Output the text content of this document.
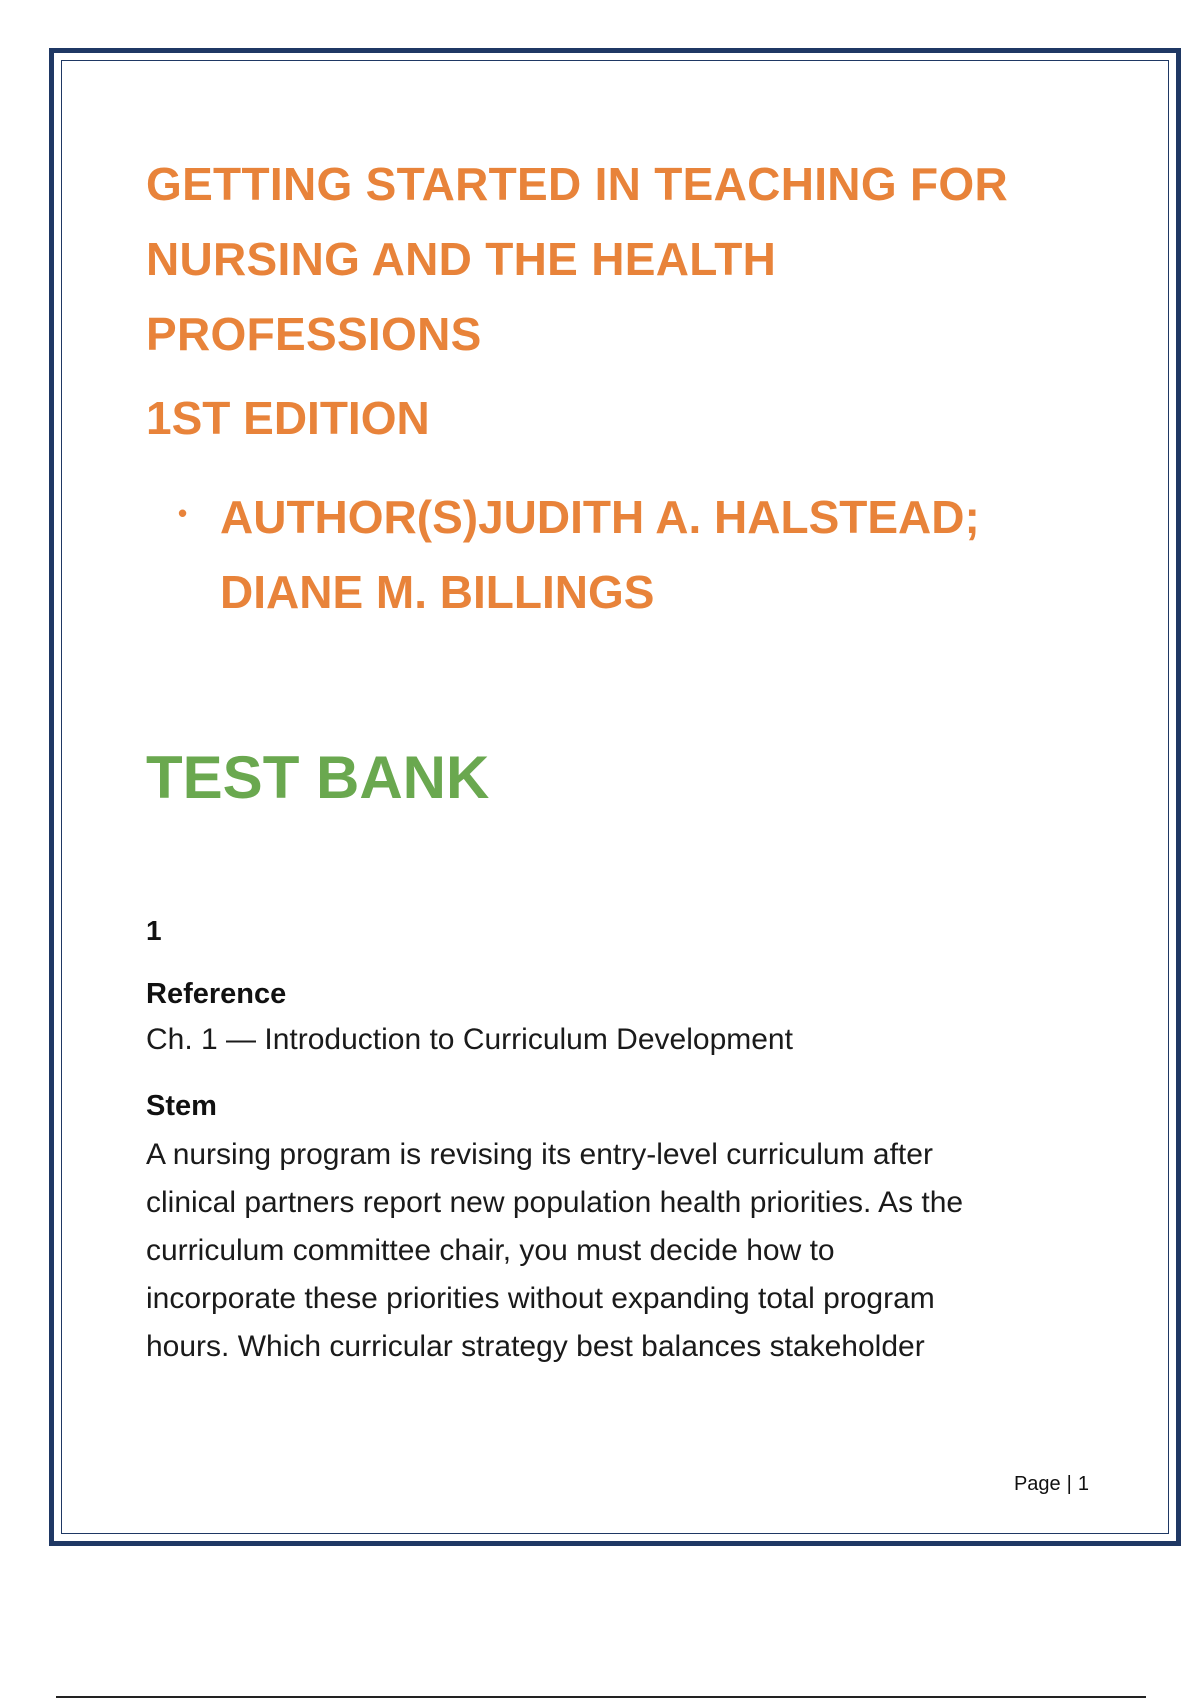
GETTING STARTED IN TEACHING FOR

NURSING AND THE HEALTH

PROFESSIONS

1ST EDITION

• AUTHOR(S)JUDITH A. HALSTEAD;
DIANE M. BILLINGS

TEST BANK

1

Reference

Ch. 1 — Introduction to Curriculum Development

Stem

A nursing program is revising its entry-level curriculum after
clinical partners report new population health priorities. As the
curriculum committee chair, you must decide how to
incorporate these priorities without expanding total program
hours. Which curricular strategy best balances stakeholder
Page | 1
